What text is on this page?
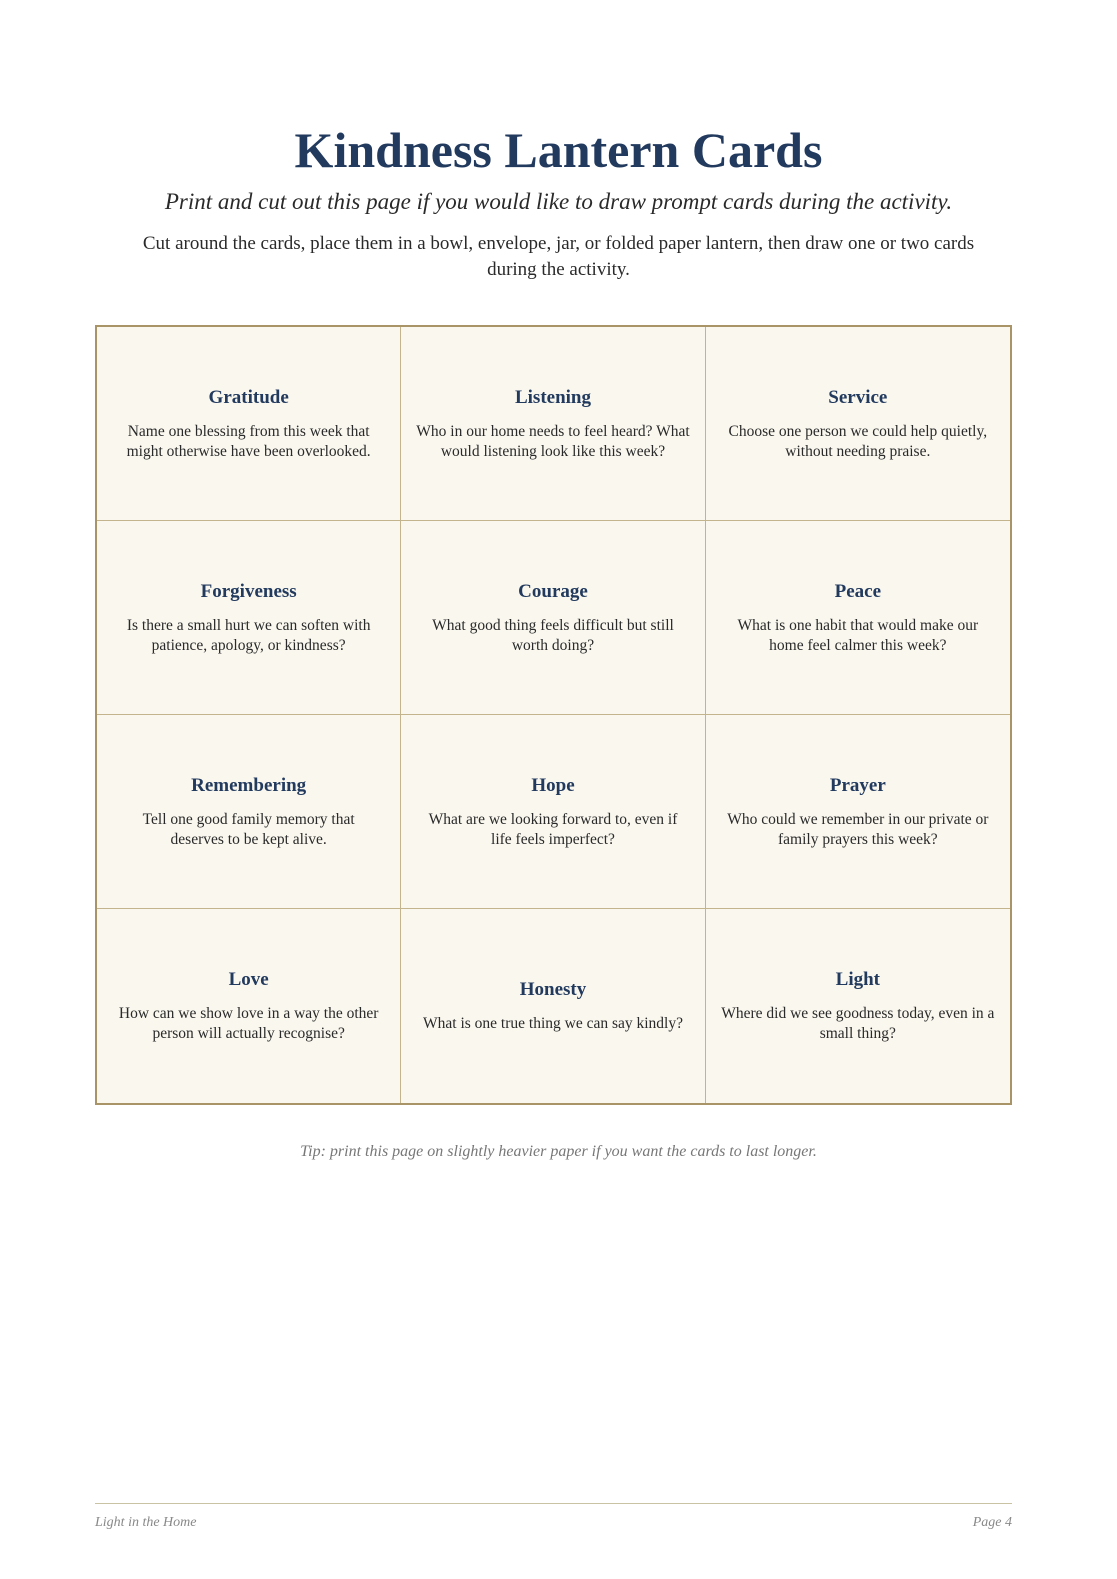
Kindness Lantern Cards
Print and cut out this page if you would like to draw prompt cards during the activity.
Cut around the cards, place them in a bowl, envelope, jar, or folded paper lantern, then draw one or two cards during the activity.
Gratitude
Name one blessing from this week that might otherwise have been overlooked.
Listening
Who in our home needs to feel heard? What would listening look like this week?
Service
Choose one person we could help quietly, without needing praise.
Forgiveness
Is there a small hurt we can soften with patience, apology, or kindness?
Courage
What good thing feels difficult but still worth doing?
Peace
What is one habit that would make our home feel calmer this week?
Remembering
Tell one good family memory that deserves to be kept alive.
Hope
What are we looking forward to, even if life feels imperfect?
Prayer
Who could we remember in our private or family prayers this week?
Love
How can we show love in a way the other person will actually recognise?
Honesty
What is one true thing we can say kindly?
Light
Where did we see goodness today, even in a small thing?
Tip: print this page on slightly heavier paper if you want the cards to last longer.
Light in the Home	Page 4
